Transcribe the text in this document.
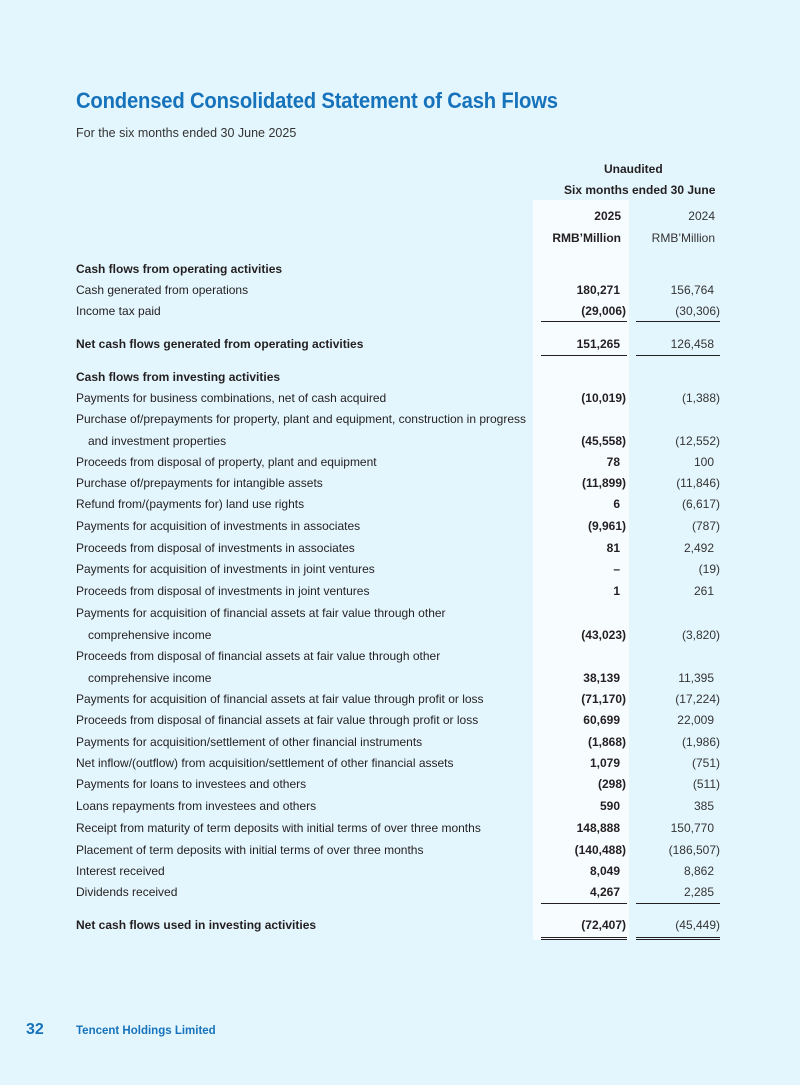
Condensed Consolidated Statement of Cash Flows
For the six months ended 30 June 2025
Unaudited
Six months ended 30 June
2025	2024
RMB’Million	RMB’Million
Cash flows from operating activities
Cash generated from operations	180,271	156,764
Income tax paid	(29,006)	(30,306)
Net cash flows generated from operating activities	151,265	126,458
Cash flows from investing activities
Payments for business combinations, net of cash acquired	(10,019)	(1,388)
Purchase of/prepayments for property, plant and equipment, construction in progress
and investment properties	(45,558)	(12,552)
Proceeds from disposal of property, plant and equipment	78	100
Purchase of/prepayments for intangible assets	(11,899)	(11,846)
Refund from/(payments for) land use rights	6	(6,617)
Payments for acquisition of investments in associates	(9,961)	(787)
Proceeds from disposal of investments in associates	81	2,492
Payments for acquisition of investments in joint ventures	–	(19)
Proceeds from disposal of investments in joint ventures	1	261
Payments for acquisition of financial assets at fair value through other
comprehensive income	(43,023)	(3,820)
Proceeds from disposal of financial assets at fair value through other
comprehensive income	38,139	11,395
Payments for acquisition of financial assets at fair value through profit or loss	(71,170)	(17,224)
Proceeds from disposal of financial assets at fair value through profit or loss	60,699	22,009
Payments for acquisition/settlement of other financial instruments	(1,868)	(1,986)
Net inflow/(outflow) from acquisition/settlement of other financial assets	1,079	(751)
Payments for loans to investees and others	(298)	(511)
Loans repayments from investees and others	590	385
Receipt from maturity of term deposits with initial terms of over three months	148,888	150,770
Placement of term deposits with initial terms of over three months	(140,488)	(186,507)
Interest received	8,049	8,862
Dividends received	4,267	2,285
Net cash flows used in investing activities	(72,407)	(45,449)
32	Tencent Holdings Limited
